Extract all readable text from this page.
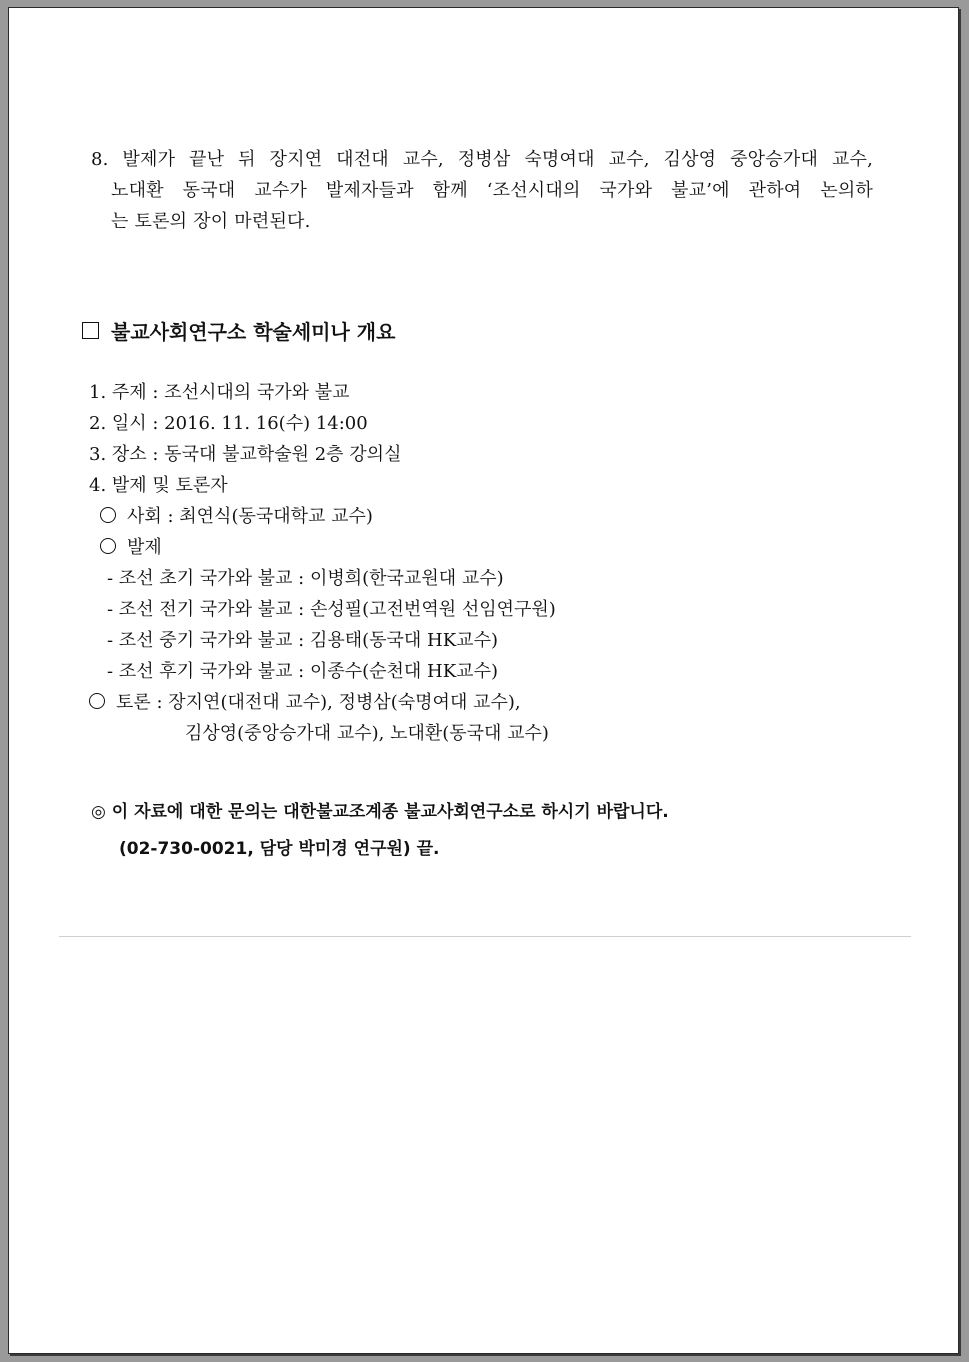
8. 발제가 끝난 뒤 장지연 대전대 교수, 정병삼 숙명여대 교수, 김상영 중앙승가대 교수,
노대환 동국대 교수가 발제자들과 함께 ‘조선시대의 국가와 불교’에 관하여 논의하
는 토론의 장이 마련된다.
불교사회연구소 학술세미나 개요
1. 주제 : 조선시대의 국가와 불교
2. 일시 : 2016. 11. 16(수) 14:00
3. 장소 : 동국대 불교학술원 2층 강의실
4. 발제 및 토론자
사회 : 최연식(동국대학교 교수)
발제
- 조선 초기 국가와 불교 : 이병희(한국교원대 교수)
- 조선 전기 국가와 불교 : 손성필(고전번역원 선임연구원)
- 조선 중기 국가와 불교 : 김용태(동국대 HK교수)
- 조선 후기 국가와 불교 : 이종수(순천대 HK교수)
토론 : 장지연(대전대 교수), 정병삼(숙명여대 교수),
김상영(중앙승가대 교수), 노대환(동국대 교수)
◎ 이 자료에 대한 문의는 대한불교조계종 불교사회연구소로 하시기 바랍니다.
(02-730-0021, 담당 박미경 연구원) 끝.
